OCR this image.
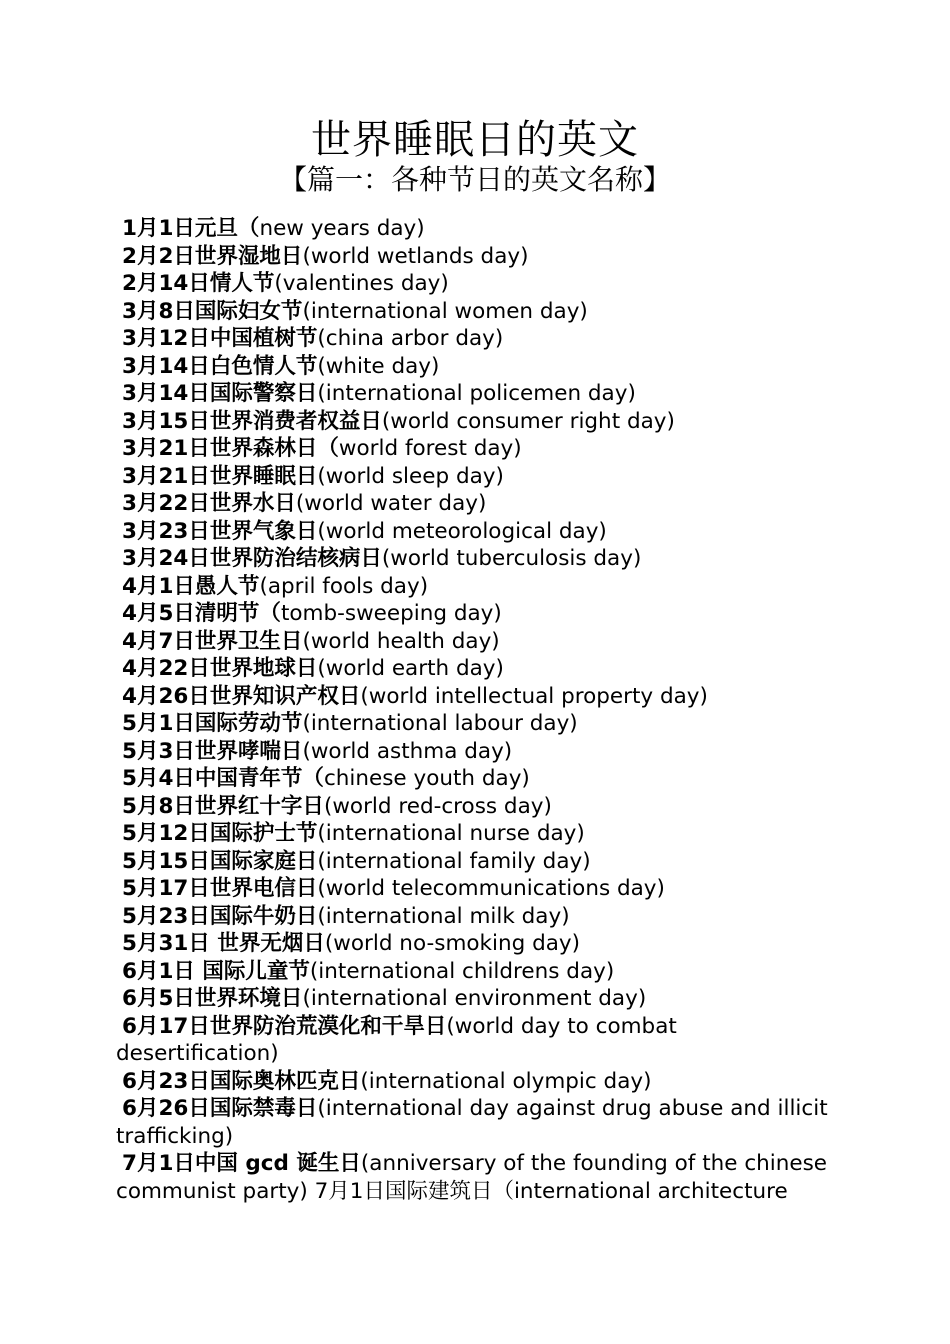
世界睡眠日的英文
【篇一：各种节日的英文名称】
1月1日元旦（new years day)
2月2日世界湿地日(world wetlands day)
2月14日情人节(valentines day)
3月8日国际妇女节(international women day)
3月12日中国植树节(china arbor day)
3月14日白色情人节(white day)
3月14日国际警察日(international policemen day)
3月15日世界消费者权益日(world consumer right day)
3月21日世界森林日（world forest day)
3月21日世界睡眠日(world sleep day)
3月22日世界水日(world water day)
3月23日世界气象日(world meteorological day)
3月24日世界防治结核病日(world tuberculosis day)
4月1日愚人节(april fools day)
4月5日清明节（tomb-sweeping day)
4月7日世界卫生日(world health day)
4月22日世界地球日(world earth day)
4月26日世界知识产权日(world intellectual property day)
5月1日国际劳动节(international labour day)
5月3日世界哮喘日(world asthma day)
5月4日中国青年节（chinese youth day)
5月8日世界红十字日(world red-cross day)
5月12日国际护士节(international nurse day)
5月15日国际家庭日(international family day)
5月17日世界电信日(world telecommunications day)
5月23日国际牛奶日(international milk day)
5月31日 世界无烟日(world no-smoking day)
6月1日 国际儿童节(international childrens day)
6月5日世界环境日(international environment day)
6月17日世界防治荒漠化和干旱日(world day to combat desertification)
6月23日国际奥林匹克日(international olympic day)
6月26日国际禁毒日(international day against drug abuse and illicit trafficking)
7月1日中国 gcd 诞生日(anniversary of the founding of the chinese communist party) 7月1日国际建筑日（international architecture
